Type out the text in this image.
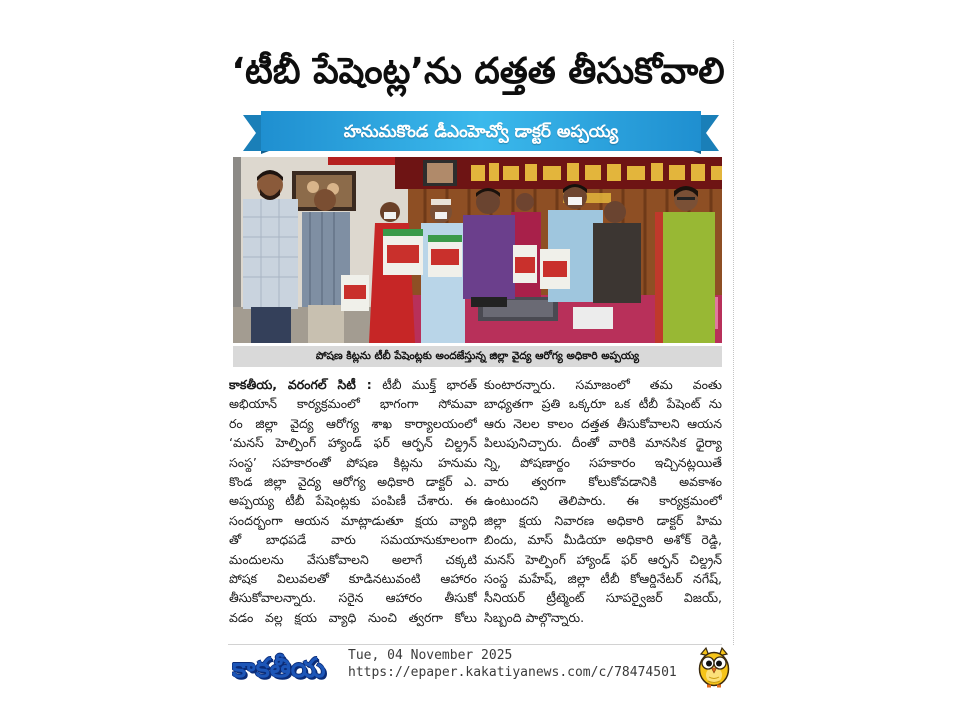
‘టీబీ పేషెంట్ల’ను దత్తత తీసుకోవాలి
హనుమకొండ డీఎంహెచ్వో డాక్టర్ అప్పయ్య
పోషణ కిట్లను టీబీ పేషెంట్లకు అందజేస్తున్న జిల్లా వైద్య ఆరోగ్య అధికారి అప్పయ్య
కాకతీయ, వరంగల్ సిటీ : టీబీ ముక్త్ భారత్
అభియాన్ కార్యక్రమంలో భాగంగా సోమవా
రం జిల్లా వైద్య ఆరోగ్య శాఖ కార్యాలయంలో
‘మనస్ హెల్పింగ్ హ్యాండ్ ఫర్ ఆర్ఫన్ చిల్డ్రన్
సంస్థ’ సహకారంతో పోషణ కిట్లను హనుమ
కొండ జిల్లా వైద్య ఆరోగ్య అధికారి డాక్టర్ ఎ.
అప్పయ్య టీబీ పేషెంట్లకు పంపిణీ చేశారు. ఈ
సందర్భంగా ఆయన మాట్లాడుతూ క్షయ వ్యాధి
తో బాధపడే వారు సమయానుకూలంగా
మందులను వేసుకోవాలని అలాగే చక్కటి
పోషక విలువలతో కూడినటువంటి ఆహారం
తీసుకోవాలన్నారు. సరైన ఆహారం తీసుకో
వడం వల్ల క్షయ వ్యాధి నుంచి త్వరగా కోలు
కుంటారన్నారు. సమాజంలో తమ వంతు
బాధ్యతగా ప్రతి ఒక్కరూ ఒక టీబీ పేషెంట్ ను
ఆరు నెలల కాలం దత్తత తీసుకోవాలని ఆయన
పిలుపునిచ్చారు. దీంతో వారికి మానసిక ధైర్యా
న్ని, పోషణార్థం సహకారం ఇచ్చినట్లయితే
వారు త్వరగా కోలుకోవడానికి అవకాశం
ఉంటుందని తెలిపారు. ఈ కార్యక్రమంలో
జిల్లా క్షయ నివారణ అధికారి డాక్టర్ హిమ
బిందు, మాస్ మీడియా అధికారి అశోక్ రెడ్డి,
మనస్ హెల్పింగ్ హ్యాండ్ ఫర్ ఆర్ఫన్ చిల్డ్రన్
సంస్థ మహేష్, జిల్లా టీబీ కోఆర్డినేటర్ నగేష్,
సీనియర్ ట్రీట్మెంట్ సూపర్వైజర్ విజయ్,
సిబ్బంది పాల్గొన్నారు.
కాకతీయ	Tue, 04 November 2025
https://epaper.kakatiyanews.com/c/78474501
